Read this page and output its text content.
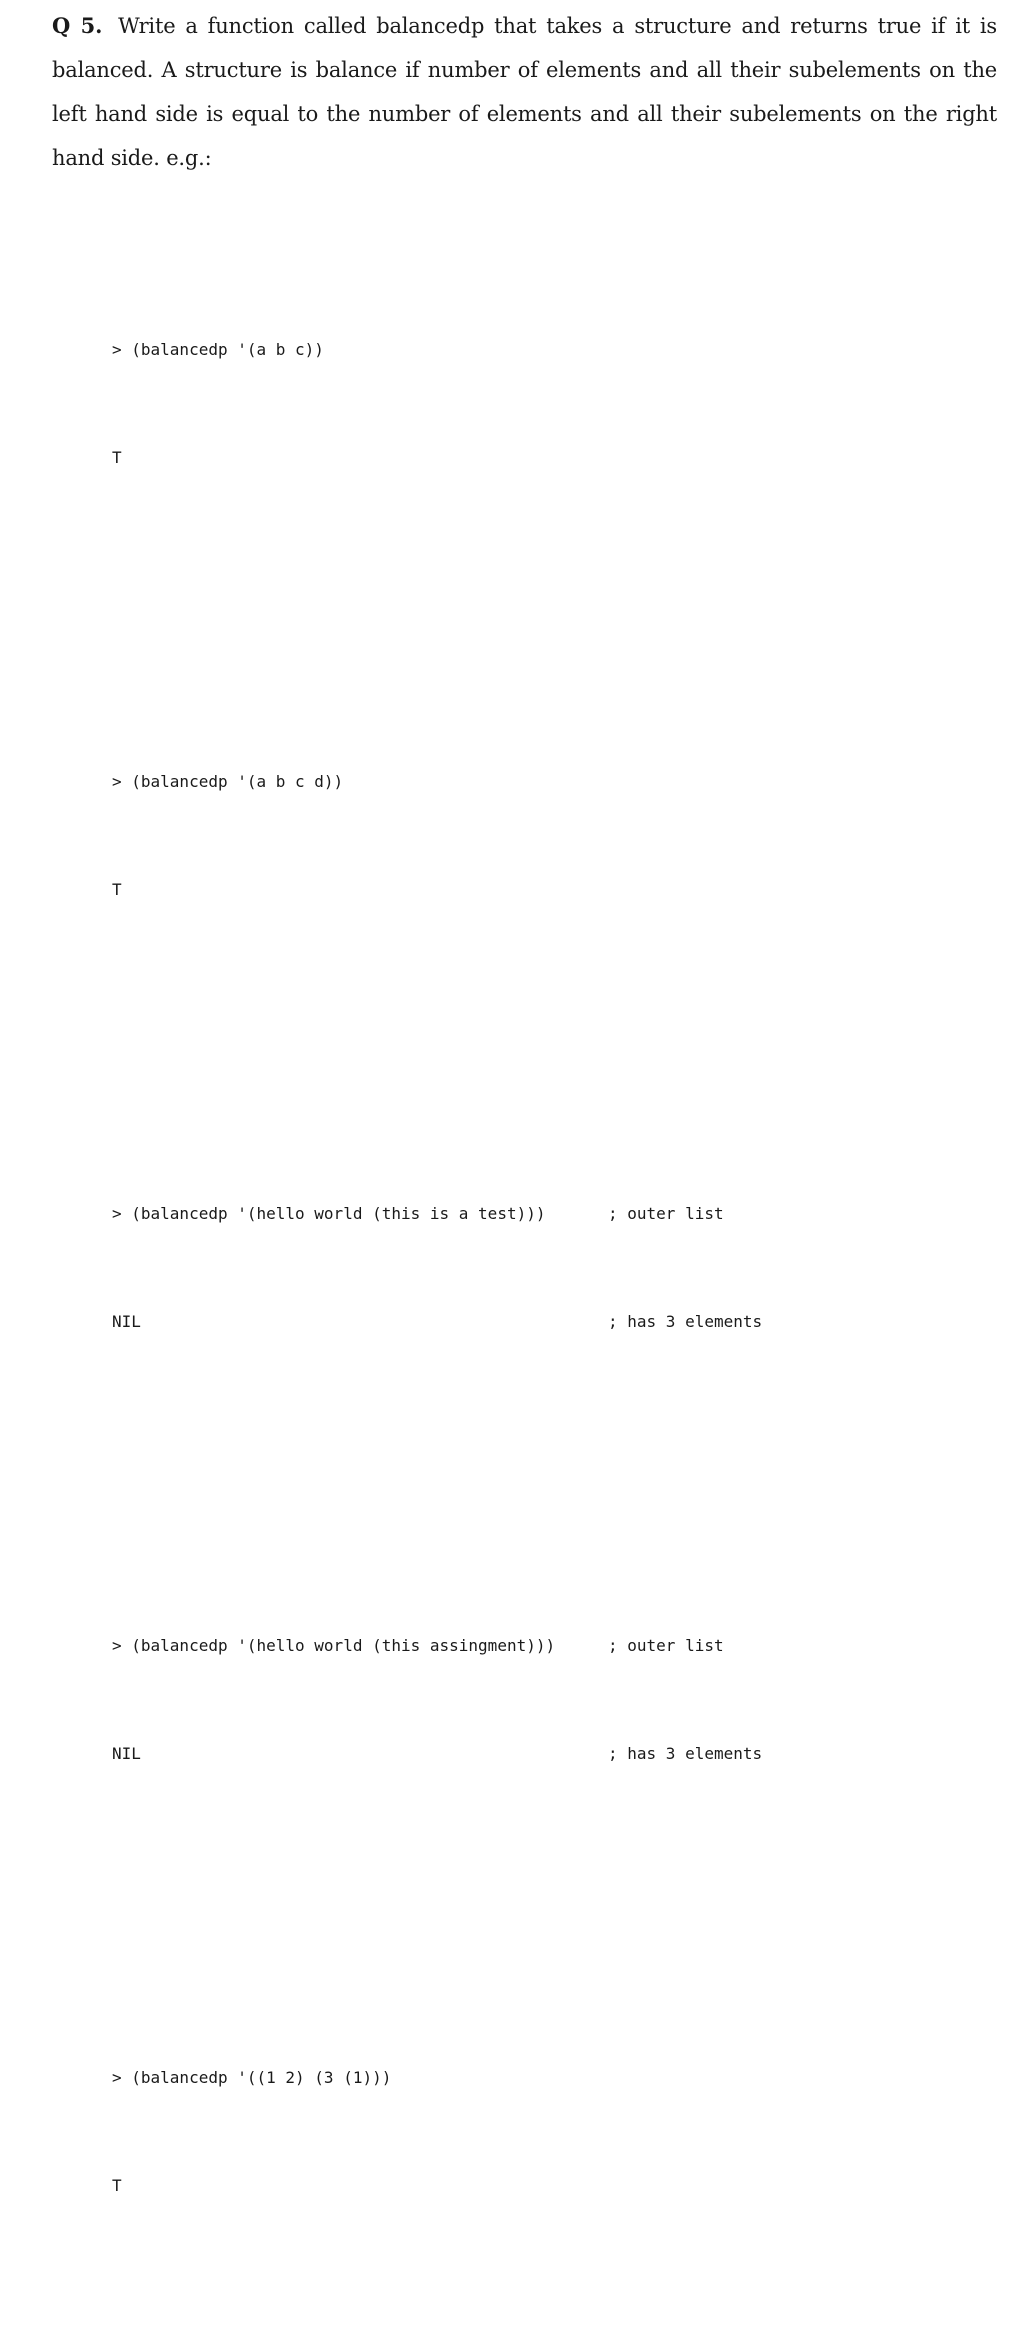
Q 5. Write a function called balancedp that takes a structure and returns true if it is balanced. A structure is balance if number of elements and all their subelements on the left hand side is equal to the number of elements and all their subelements on the right hand side. e.g.:

> (balancedp '(a b c))

T

> (balancedp '(a b c d))

T

> (balancedp '(hello world (this is a test)))	; outer list

NIL	; has 3 elements

> (balancedp '(hello world (this assingment)))	; outer list

NIL	; has 3 elements

> (balancedp '((1 2) (3 (1)))

T
